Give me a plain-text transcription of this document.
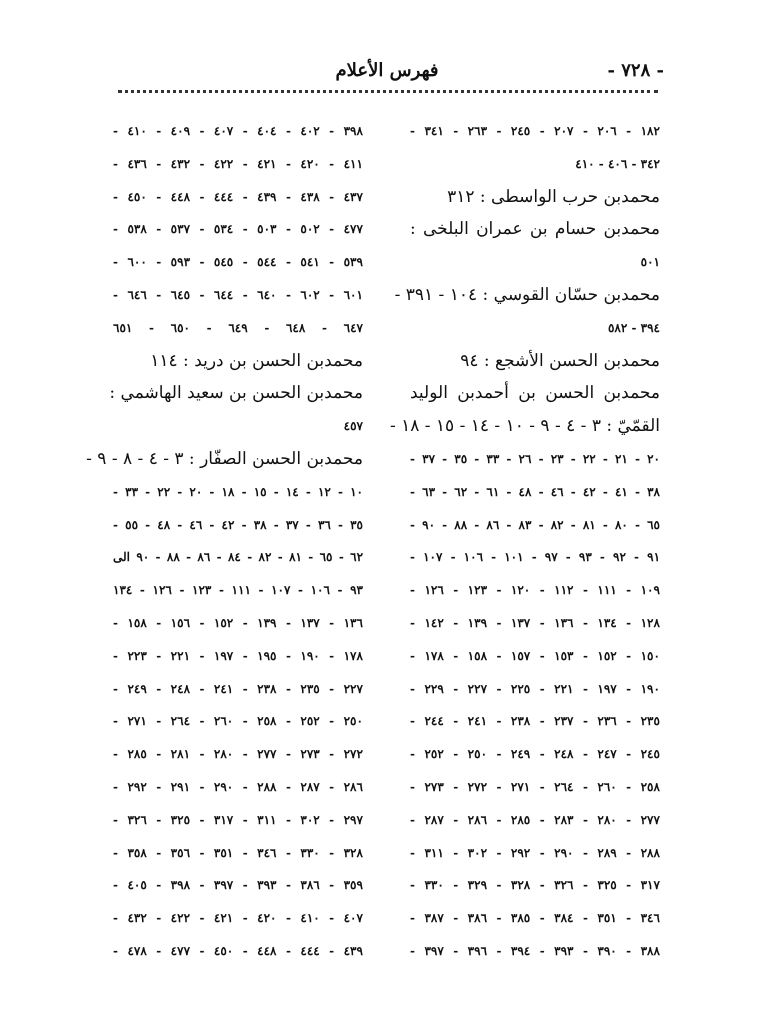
- ٧٢٨ -
فهرس الأعلام
١٨٢ - ٢٠٦ - ٢٠٧ - ٢٤٥ - ٢٦٣ - ٣٤١ -
٣٤٢ - ٤٠٦ - ٤١٠
محمدبن حرب الواسطى : ٣١٢
محمدبن حسام بن عمران البلخى :
٥٠١
محمدبن حسّان القوسي : ١٠٤ - ٣٩١ -
٣٩٤ - ٥٨٢
محمدبن الحسن الأشجع : ٩٤
محمدبن الحسن بن أحمدبن الوليد
القمّيّ : ٣ - ٤ - ٩ - ١٠ - ١٤ - ١٥ - ١٨ -
٢٠ - ٢١ - ٢٢ - ٢٣ - ٢٦ - ٣٣ - ٣٥ - ٣٧ -
٣٨ - ٤١ - ٤٢ - ٤٦ - ٤٨ - ٦١ - ٦٢ - ٦٣ -
٦٥ - ٨٠ - ٨١ - ٨٢ - ٨٣ - ٨٦ - ٨٨ - ٩٠ -
٩١ - ٩٢ - ٩٣ - ٩٧ - ١٠١ - ١٠٦ - ١٠٧ -
١٠٩ - ١١١ - ١١٢ - ١٢٠ - ١٢٣ - ١٢٦ -
١٢٨ - ١٣٤ - ١٣٦ - ١٣٧ - ١٣٩ - ١٤٢ -
١٥٠ - ١٥٢ - ١٥٣ - ١٥٧ - ١٥٨ - ١٧٨ -
١٩٠ - ١٩٧ - ٢٢١ - ٢٢٥ - ٢٢٧ - ٢٢٩ -
٢٣٥ - ٢٣٦ - ٢٣٧ - ٢٣٨ - ٢٤١ - ٢٤٤ -
٢٤٥ - ٢٤٧ - ٢٤٨ - ٢٤٩ - ٢٥٠ - ٢٥٢ -
٢٥٨ - ٢٦٠ - ٢٦٤ - ٢٧١ - ٢٧٢ - ٢٧٣ -
٢٧٧ - ٢٨٠ - ٢٨٣ - ٢٨٥ - ٢٨٦ - ٢٨٧ -
٢٨٨ - ٢٨٩ - ٢٩٠ - ٢٩٢ - ٣٠٢ - ٣١١ -
٣١٧ - ٣٢٥ - ٣٢٦ - ٣٢٨ - ٣٢٩ - ٣٣٠ -
٣٤٦ - ٣٥١ - ٣٨٤ - ٣٨٥ - ٣٨٦ - ٣٨٧ -
٣٨٨ - ٣٩٠ - ٣٩٣ - ٣٩٤ - ٣٩٦ - ٣٩٧ -
٣٩٨ - ٤٠٢ - ٤٠٤ - ٤٠٧ - ٤٠٩ - ٤١٠ -
٤١١ - ٤٢٠ - ٤٢١ - ٤٢٢ - ٤٣٢ - ٤٣٦ -
٤٣٧ - ٤٣٨ - ٤٣٩ - ٤٤٤ - ٤٤٨ - ٤٥٠ -
٤٧٧ - ٥٠٢ - ٥٠٣ - ٥٣٤ - ٥٣٧ - ٥٣٨ -
٥٣٩ - ٥٤١ - ٥٤٤ - ٥٤٥ - ٥٩٣ - ٦٠٠ -
٦٠١ - ٦٠٢ - ٦٤٠ - ٦٤٤ - ٦٤٥ - ٦٤٦ -
٦٤٧ - ٦٤٨ - ٦٤٩ - ٦٥٠ - ٦٥١
محمدبن الحسن بن دريد : ١١٤
محمدبن الحسن بن سعيد الهاشمي :
٤٥٧
محمدبن الحسن الصفّار : ٣ - ٤ - ٨ - ٩ -
١٠ - ١٢ - ١٤ - ١٥ - ١٨ - ٢٠ - ٢٢ - ٣٣ -
٣٥ - ٣٦ - ٣٧ - ٣٨ - ٤٢ - ٤٦ - ٤٨ - ٥٥ -
٦٢ - ٦٥ - ٨١ - ٨٢ - ٨٤ - ٨٦ - ٨٨ - ٩٠ الى
٩٣ - ١٠٦ - ١٠٧ - ١١١ - ١٢٣ - ١٢٦ - ١٣٤
١٣٦ - ١٣٧ - ١٣٩ - ١٥٢ - ١٥٦ - ١٥٨ -
١٧٨ - ١٩٠ - ١٩٥ - ١٩٧ - ٢٢١ - ٢٢٣ -
٢٢٧ - ٢٣٥ - ٢٣٨ - ٢٤١ - ٢٤٨ - ٢٤٩ -
٢٥٠ - ٢٥٢ - ٢٥٨ - ٢٦٠ - ٢٦٤ - ٢٧١ -
٢٧٢ - ٢٧٣ - ٢٧٧ - ٢٨٠ - ٢٨١ - ٢٨٥ -
٢٨٦ - ٢٨٧ - ٢٨٨ - ٢٩٠ - ٢٩١ - ٢٩٢ -
٢٩٧ - ٣٠٢ - ٣١١ - ٣١٧ - ٣٢٥ - ٣٢٦ -
٣٢٨ - ٣٣٠ - ٣٤٦ - ٣٥١ - ٣٥٦ - ٣٥٨ -
٣٥٩ - ٣٨٦ - ٣٩٣ - ٣٩٧ - ٣٩٨ - ٤٠٥ -
٤٠٧ - ٤١٠ - ٤٢٠ - ٤٢١ - ٤٢٢ - ٤٣٢ -
٤٣٩ - ٤٤٤ - ٤٤٨ - ٤٥٠ - ٤٧٧ - ٤٧٨ -
